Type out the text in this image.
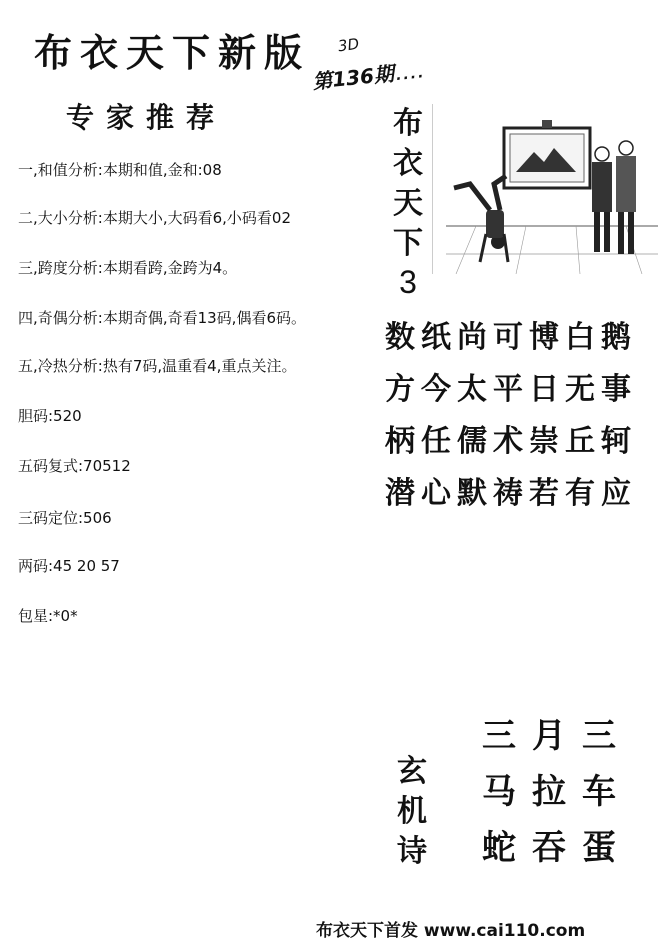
布衣天下新版 3D
第136期....
专家推荐
一,和值分析:本期和值,金和:08
二,大小分析:本期大小,大码看6,小码看02
三,跨度分析:本期看跨,金跨为4。
四,奇偶分析:本期奇偶,奇看13码,偶看6码。
五,冷热分析:热有7码,温重看4,重点关注。
胆码:520
五码复式:70512
三码定位:506
两码:45 20 57
包星:*0*
布
衣
天
下
3
数 纸 尚 可 博 白 鹅
方 今 太 平 日 无 事
柄 任 儒 术 崇 丘 轲
潜 心 默 祷 若 有 应
玄
机
诗
三 月 三
马 拉 车
蛇 吞 蛋
布衣天下首发 www.cai110.com
